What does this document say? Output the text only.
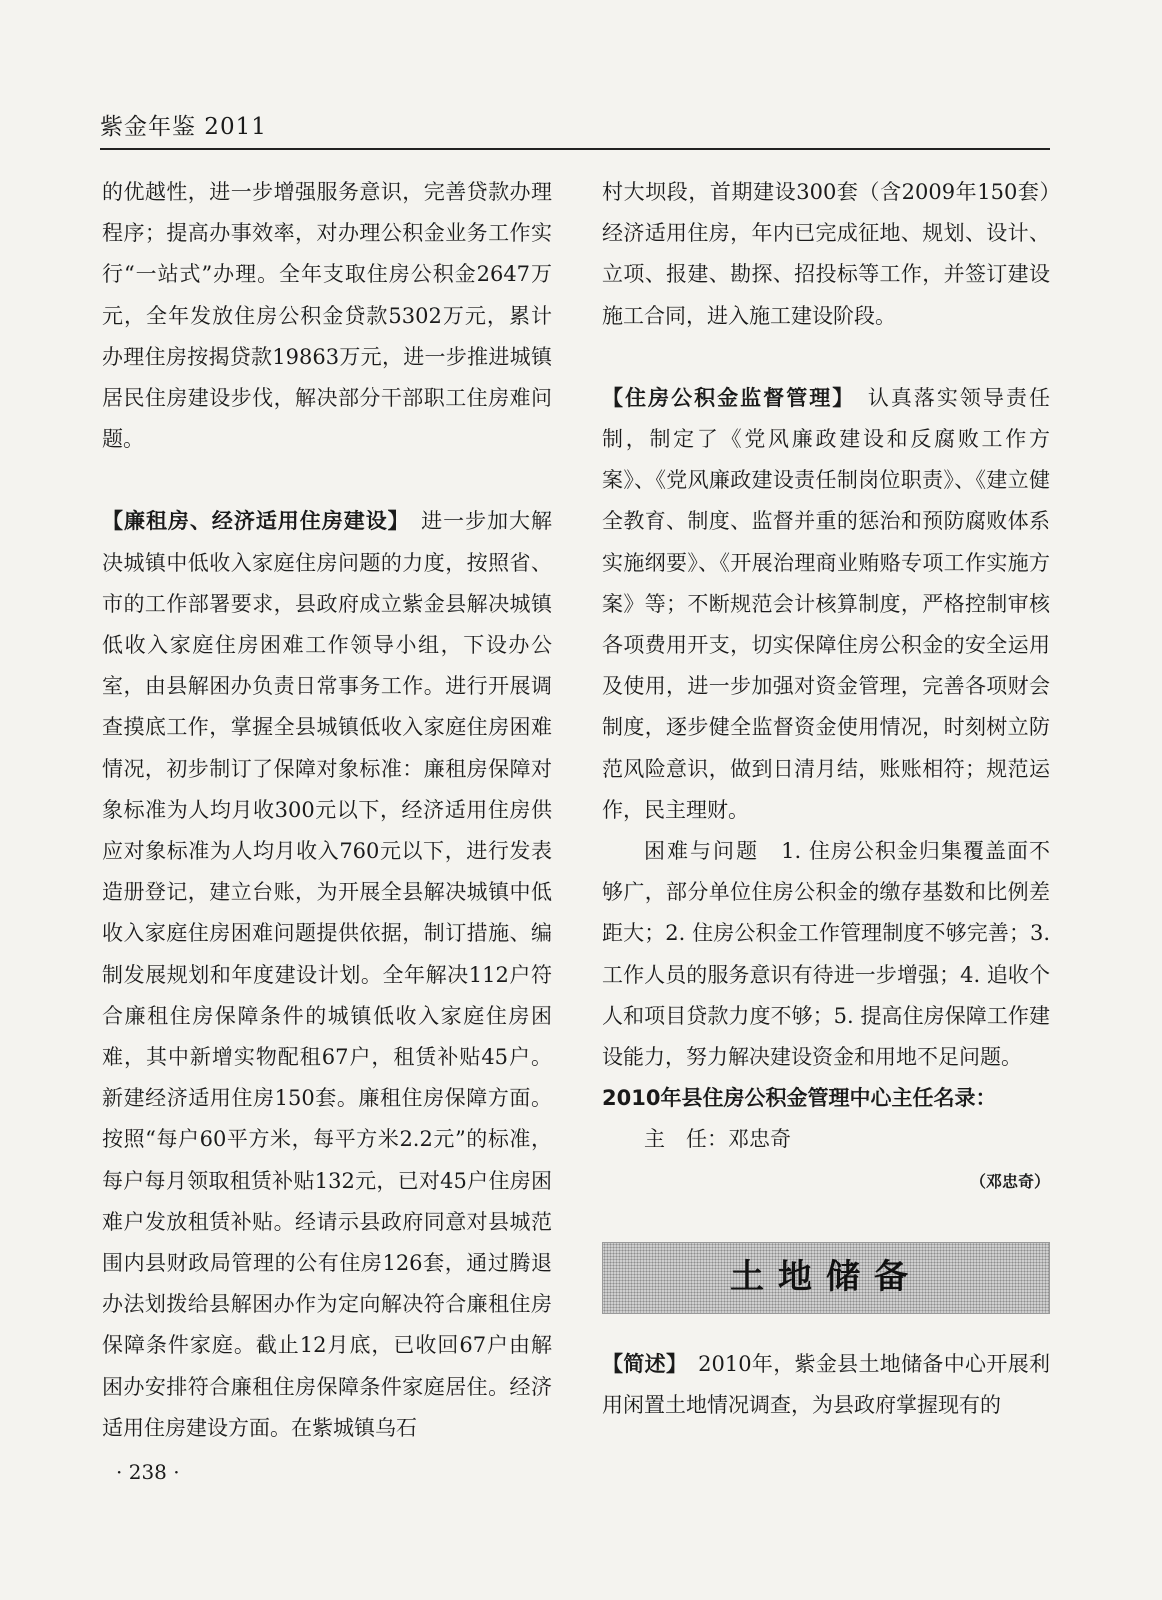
紫金年鉴 2011

的优越性，进一步增强服务意识，完善贷款办理程序；提高办事效率，对办理公积金业务工作实行“一站式”办理。全年支取住房公积金2647万元，全年发放住房公积金贷款5302万元，累计办理住房按揭贷款19863万元，进一步推进城镇居民住房建设步伐，解决部分干部职工住房难问题。

【廉租房、经济适用住房建设】　 进一步加大解决城镇中低收入家庭住房问题的力度，按照省、市的工作部署要求，县政府成立紫金县解决城镇低收入家庭住房困难工作领导小组，下设办公室，由县解困办负责日常事务工作。进行开展调查摸底工作，掌握全县城镇低收入家庭住房困难情况，初步制订了保障对象标准：廉租房保障对象标准为人均月收300元以下，经济适用住房供应对象标准为人均月收入760元以下，进行发表造册登记，建立台账，为开展全县解决城镇中低收入家庭住房困难问题提供依据，制订措施、编制发展规划和年度建设计划。全年解决112户符合廉租住房保障条件的城镇低收入家庭住房困难，其中新增实物配租67户，租赁补贴45户。新建经济适用住房150套。廉租住房保障方面。按照“每户60平方米，每平方米2.2元”的标准，每户每月领取租赁补贴132元，已对45户住房困难户发放租赁补贴。经请示县政府同意对县城范围内县财政局管理的公有住房126套，通过腾退办法划拨给县解困办作为定向解决符合廉租住房保障条件家庭。截止12月底，已收回67户由解困办安排符合廉租住房保障条件家庭居住。经济适用住房建设方面。在紫城镇乌石

村大坝段，首期建设300套（含2009年150套）经济适用住房，年内已完成征地、规划、设计、立项、报建、勘探、招投标等工作，并签订建设施工合同，进入施工建设阶段。

【住房公积金监督管理】　 认真落实领导责任制，制定了《党风廉政建设和反腐败工作方案》、《党风廉政建设责任制岗位职责》、《建立健全教育、制度、监督并重的惩治和预防腐败体系实施纲要》、《开展治理商业贿赂专项工作实施方案》等；不断规范会计核算制度，严格控制审核各项费用开支，切实保障住房公积金的安全运用及使用，进一步加强对资金管理，完善各项财会制度，逐步健全监督资金使用情况，时刻树立防范风险意识，做到日清月结，账账相符；规范运作，民主理财。

困难与问题　 1. 住房公积金归集覆盖面不够广，部分单位住房公积金的缴存基数和比例差距大；2. 住房公积金工作管理制度不够完善；3. 工作人员的服务意识有待进一步增强；4. 追收个人和项目贷款力度不够；5. 提高住房保障工作建设能力，努力解决建设资金和用地不足问题。

2010年县住房公积金管理中心主任名录：

主　任：邓忠奇

（邓忠奇）

土地储备

【简述】　 2010年，紫金县土地储备中心开展利用闲置土地情况调查，为县政府掌握现有的

· 238 ·
